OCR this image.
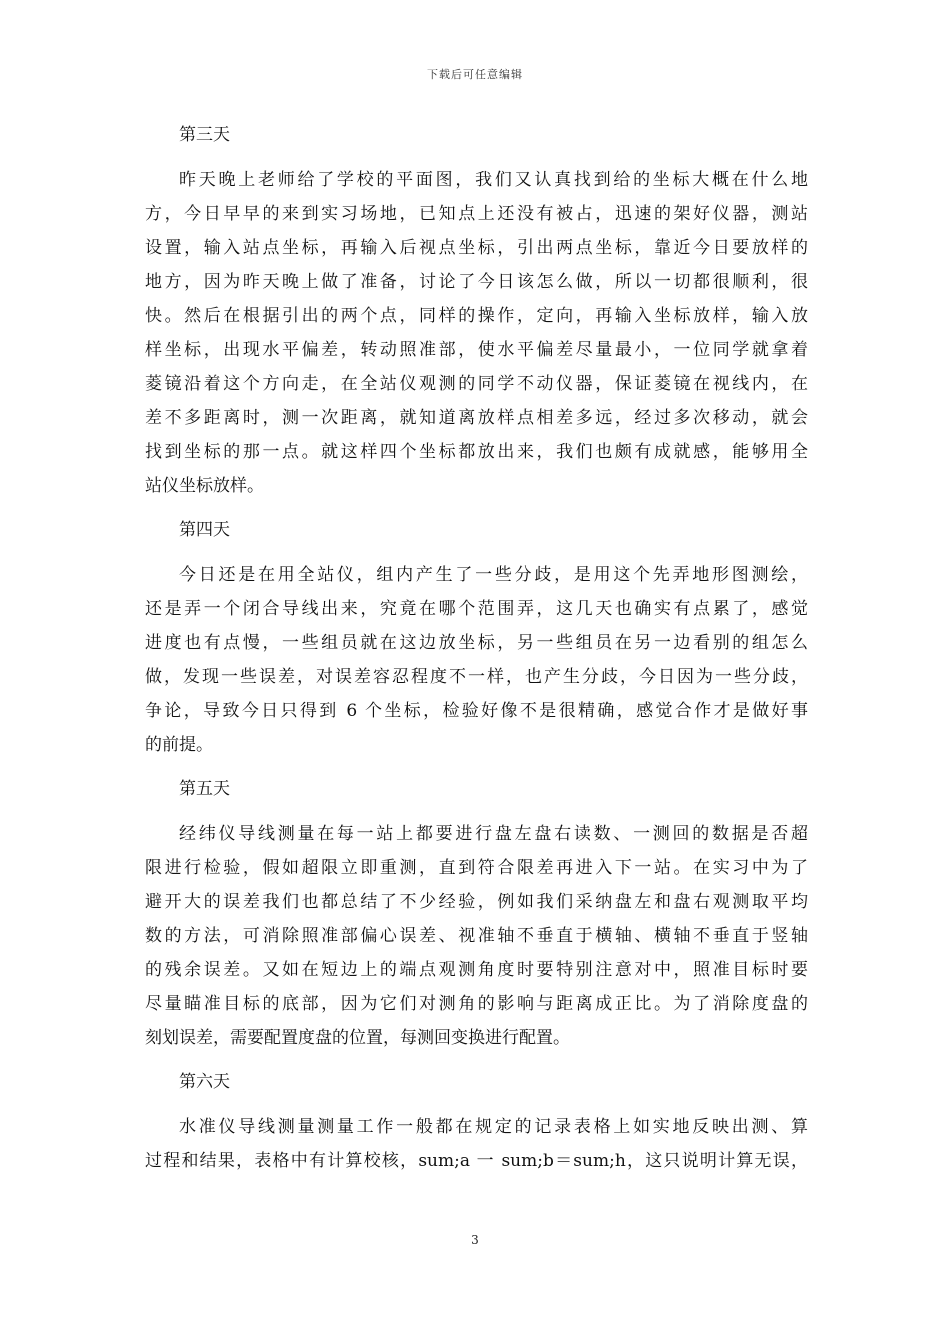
下载后可任意编辑
第三天
昨天晚上老师给了学校的平面图，我们又认真找到给的坐标大概在什么地
方，今日早早的来到实习场地，已知点上还没有被占，迅速的架好仪器，测站
设置，输入站点坐标，再输入后视点坐标，引出两点坐标，靠近今日要放样的
地方，因为昨天晚上做了准备，讨论了今日该怎么做，所以一切都很顺利，很
快。然后在根据引出的两个点，同样的操作，定向，再输入坐标放样，输入放
样坐标，出现水平偏差，转动照准部，使水平偏差尽量最小，一位同学就拿着
菱镜沿着这个方向走，在全站仪观测的同学不动仪器，保证菱镜在视线内，在
差不多距离时，测一次距离，就知道离放样点相差多远，经过多次移动，就会
找到坐标的那一点。就这样四个坐标都放出来，我们也颇有成就感，能够用全
站仪坐标放样。
第四天
今日还是在用全站仪，组内产生了一些分歧，是用这个先弄地形图测绘，
还是弄一个闭合导线出来，究竟在哪个范围弄，这几天也确实有点累了，感觉
进度也有点慢，一些组员就在这边放坐标，另一些组员在另一边看别的组怎么
做，发现一些误差，对误差容忍程度不一样，也产生分歧，今日因为一些分歧，
争论，导致今日只得到 6 个坐标，检验好像不是很精确，感觉合作才是做好事
的前提。
第五天
经纬仪导线测量在每一站上都要进行盘左盘右读数、一测回的数据是否超
限进行检验，假如超限立即重测，直到符合限差再进入下一站。在实习中为了
避开大的误差我们也都总结了不少经验，例如我们采纳盘左和盘右观测取平均
数的方法，可消除照准部偏心误差、视准轴不垂直于横轴、横轴不垂直于竖轴
的残余误差。又如在短边上的端点观测角度时要特别注意对中，照准目标时要
尽量瞄准目标的底部，因为它们对测角的影响与距离成正比。为了消除度盘的
刻划误差，需要配置度盘的位置，每测回变换进行配置。
第六天
水准仪导线测量测量工作一般都在规定的记录表格上如实地反映出测、算
过程和结果，表格中有计算校核，sum;a 一 sum;b＝sum;h，这只说明计算无误，
3
